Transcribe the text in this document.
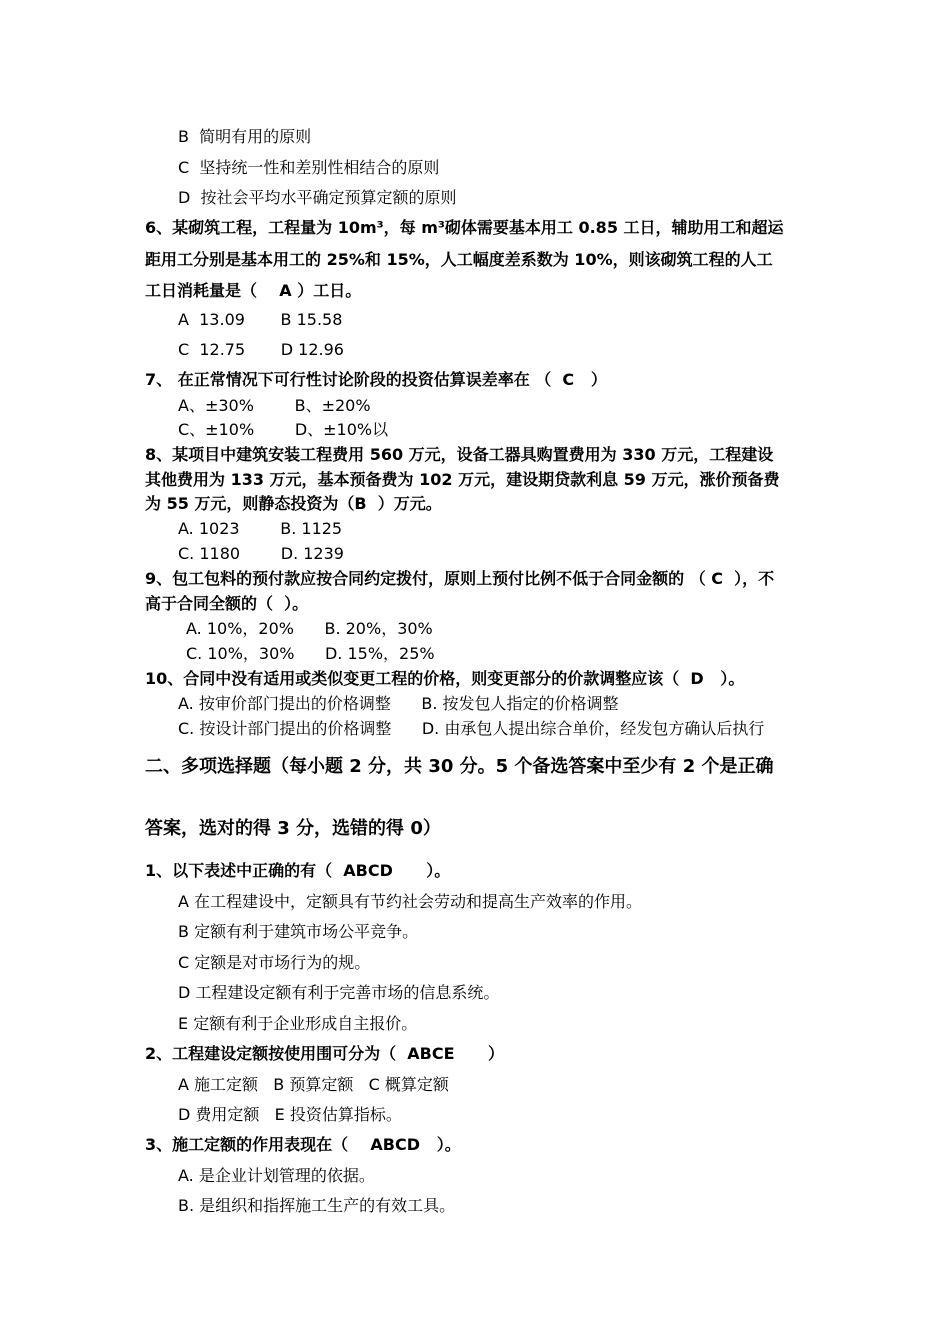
B  简明有用的原则
C  坚持统一性和差别性相结合的原则
D  按社会平均水平确定预算定额的原则
6、某砌筑工程，工程量为 10m³，每 m³砌体需要基本用工 0.85 工日，辅助用工和超运
距用工分别是基本用工的 25%和 15%，人工幅度差系数为 10%，则该砌筑工程的人工
工日消耗量是（    A ）工日。
A  13.09       B 15.58
C  12.75       D 12.96
7、 在正常情况下可行性讨论阶段的投资估算误差率在 （  C   ）
A、±30%        B、±20%
C、±10%        D、±10%以
8、某项目中建筑安装工程费用 560 万元，设备工器具购置费用为 330 万元，工程建设
其他费用为 133 万元，基本预备费为 102 万元，建设期贷款利息 59 万元，涨价预备费
为 55 万元，则静态投资为（B  ）万元。
A. 1023        B. 1125
C. 1180        D. 1239
9、包工包料的预付款应按合同约定拨付，原则上预付比例不低于合同金额的 （ C  ），不
高于合同全额的（  ）。
A. 10%，20%      B. 20%，30%
C. 10%，30%      D. 15%，25%
10、合同中没有适用或类似变更工程的价格，则变更部分的价款调整应该（  D   ）。
A. 按审价部门提出的价格调整      B. 按发包人指定的价格调整
C. 按设计部门提出的价格调整      D. 由承包人提出综合单价，经发包方确认后执行
二、多项选择题（每小题 2 分，共 30 分。5 个备选答案中至少有 2 个是正确
答案，选对的得 3 分，选错的得 0）
1、以下表述中正确的有（  ABCD      ）。
A 在工程建设中，定额具有节约社会劳动和提高生产效率的作用。
B 定额有利于建筑市场公平竞争。
C 定额是对市场行为的规。
D 工程建设定额有利于完善市场的信息系统。
E 定额有利于企业形成自主报价。
2、工程建设定额按使用围可分为（  ABCE      ）
A 施工定额   B 预算定额   C 概算定额
D 费用定额   E 投资估算指标。
3、施工定额的作用表现在（    ABCD   ）。
A. 是企业计划管理的依据。
B. 是组织和指挥施工生产的有效工具。
